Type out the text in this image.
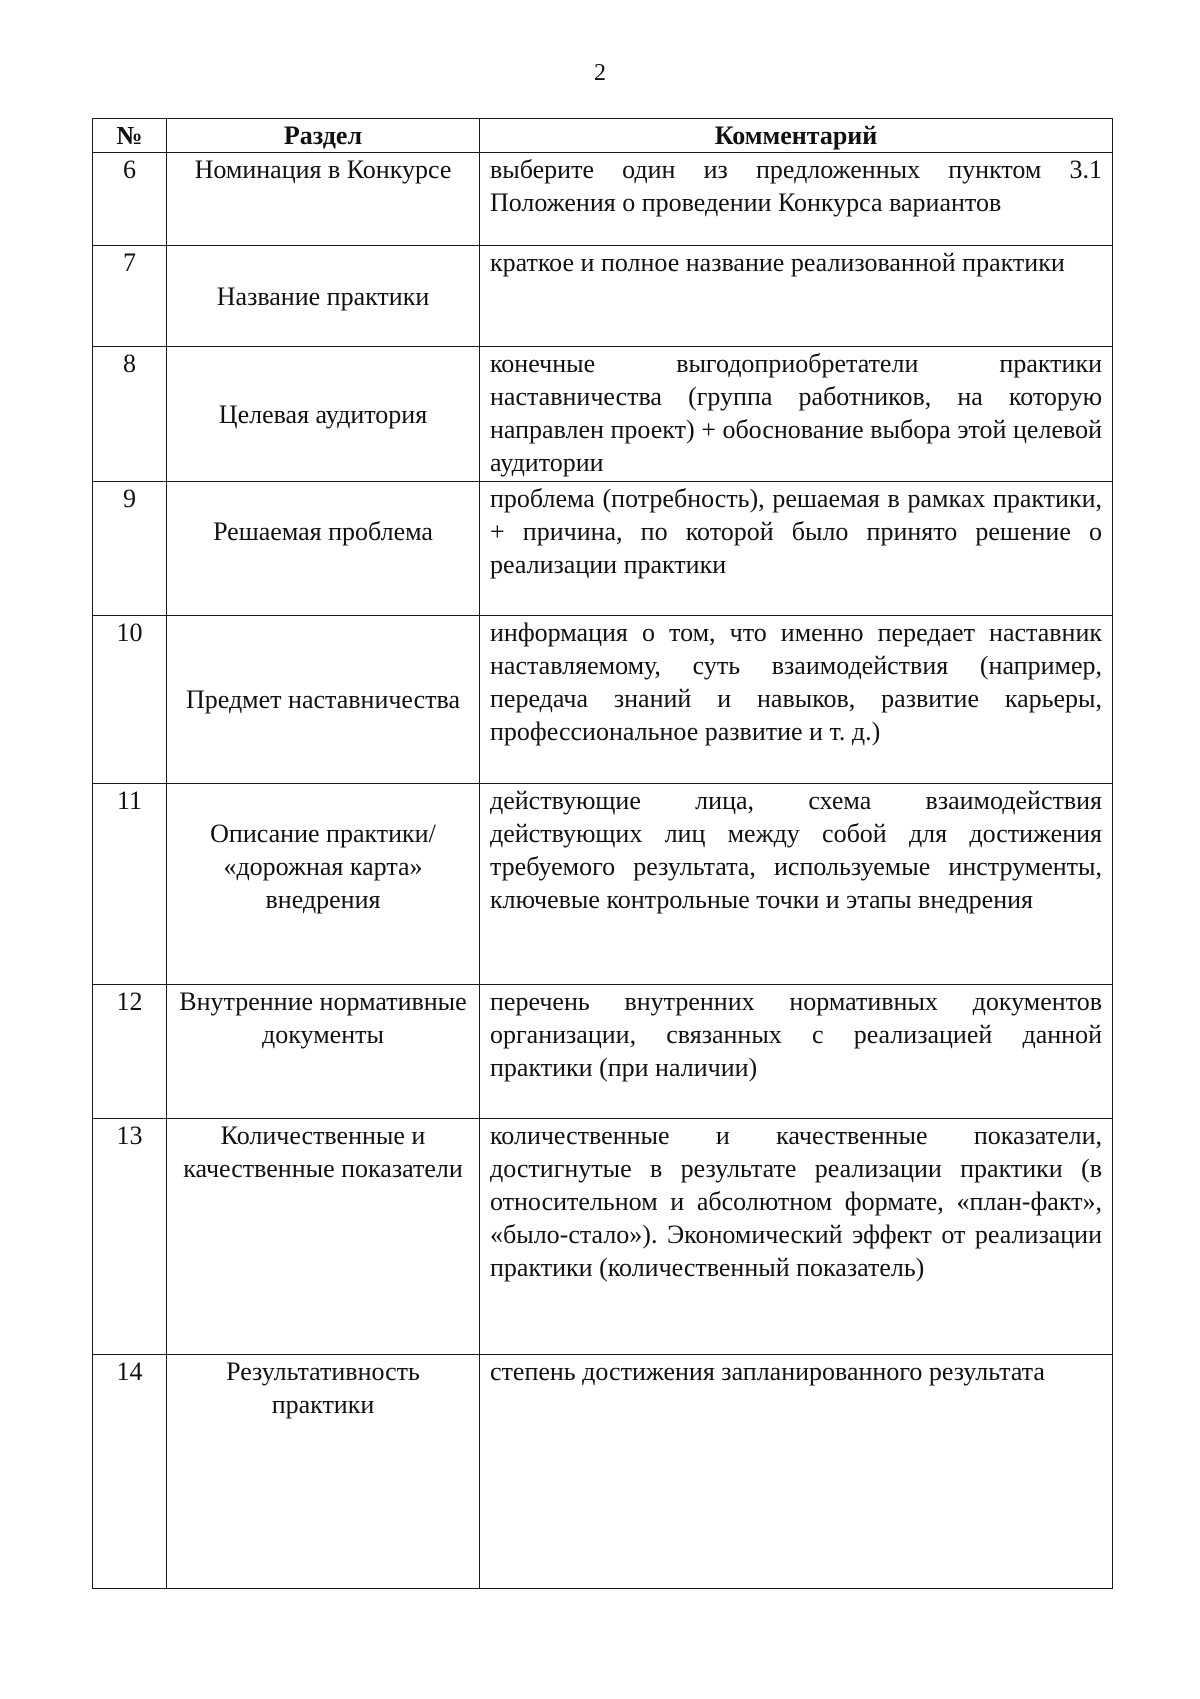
2
№	Раздел	Комментарий
6	Номинация в Конкурсе	выберите один из предложенных пунктом 3.1 Положения о проведении Конкурса вариантов
7	Название практики	краткое и полное название реализованной практики
8	Целевая аудитория	конечные выгодоприобретатели практики наставничества (группа работников, на которую направлен проект) + обоснование выбора этой целевой аудитории
9	Решаемая проблема	проблема (потребность), решаемая в рамках практики, + причина, по которой было принято решение о реализации практики
10	Предмет наставничества	информация о том, что именно передает наставник наставляемому, суть взаимодействия (например, передача знаний и навыков, развитие карьеры, профессиональное развитие и т. д.)
11	Описание практики/ «дорожная карта» внедрения	действующие лица, схема взаимодействия действующих лиц между собой для достижения требуемого результата, используемые инструменты, ключевые контрольные точки и этапы внедрения
12	Внутренние нормативные документы	перечень внутренних нормативных документов организации, связанных с реализацией данной практики (при наличии)
13	Количественные и качественные показатели	количественные и качественные показатели, достигнутые в результате реализации практики (в относительном и абсолютном формате, «план-факт», «было-стало»). Экономический эффект от реализации практики (количественный показатель)
14	Результативность практики	степень достижения запланированного результата
